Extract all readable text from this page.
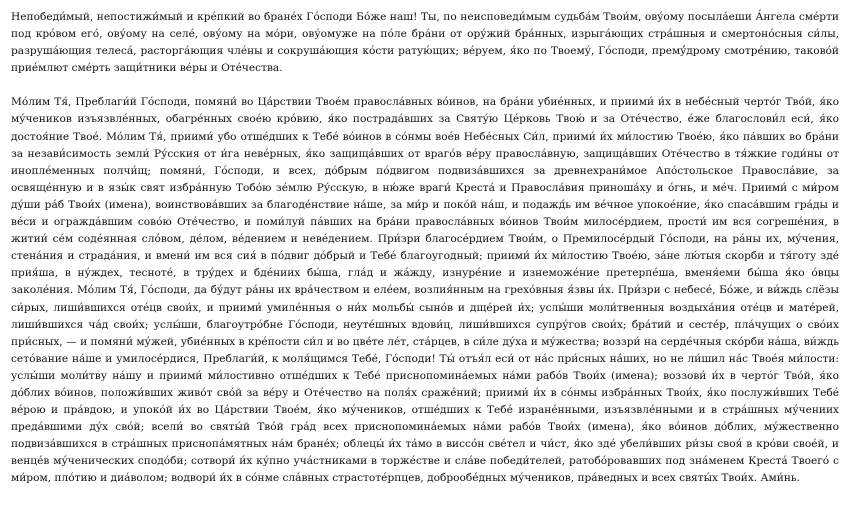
Непобеди́мый, непостижи́мый и кре́пкий во бране́х Го́споди Бо́же наш! Ты, по неисповеди́мым судьба́м Твои́м, ову́ому посыла́еши А́нгела сме́рти под кро́вом его́, ову́ому на селе́, ову́ому на мо́ри, ову́омуже на по́ле бра́ни от ору́жий бра́нных, изрыга́ющих стра́шныя и смертоно́сныя си́лы, разруша́ющия телеса́, расторга́ющия чле́ны и сокруша́ющия ко́сти ратую́щих; ве́руем, я́ко по Твоему́, Го́споди, премý́дрому смотре́нию, таково́й прие́млют сме́рть защи́тники ве́ры и Оте́чества.

Мо́лим Тя́, Преблаги́й Го́споди, помяни́ во Ца́рствии Твое́м правосла́вных во́инов, на бра́ни убие́нных, и приими́ и́х в небе́сный черто́г Тво́й, я́ко му́чеников изъязвле́нных, обагре́нных свое́ю кро́вию, я́ко пострада́вших за Святу́ю Це́рковь Твою́ и за Оте́чество, е́же благослови́л еси́, я́ко достоя́ние Твое́. Мо́лим Тя́, приими́ убо отше́дших к Тебе́ во́инов в со́нмы вое́в Небе́сных Си́л, приими́ и́х ми́лостию Твое́ю, я́ко па́вших во бра́ни за незави́симость земли́ Ру́сския от и́га невéрных, я́ко защища́вших от враго́в ве́ру правосла́вную, защища́вших Оте́чество в тя́жкие годи́ны от инопле́менных полчи́щ; помяни́, Го́споди, и всех, до́брым по́двигом подвиза́вшихся за древнехрани́мое Апо́стольское Правосла́вие, за освяще́нную и в язы́к свят избра́нную Тобо́ю зе́млю Ру́сскую, в ню́же враги́ Креста́ и Правосла́вия приноша́ху и о́гнь, и ме́ч. Приими́ с ми́ром ду́ши ра́б Твои́х (имена), воинствова́вших за благоде́нствие на́ше, за ми́р и поко́й на́ш, и подажд́ь им ве́чное упокое́ние, я́ко спаса́вшим гра́ды и ве́си и огражда́вшим сово́ю Оте́чество, и поми́луй па́вших на бра́ни правосла́вных во́инов Твои́м милосе́рдием, прости́ им вся согреше́ния, в житии́ се́м соде́янная сло́вом, де́лом, ве́дением и неве́дением. При́зри благосе́рдием Твои́м, о Премилосе́рдый Го́споди, на ра́ны их, му́чения, стена́ния и страда́ния, и вмени́ им вся сия́ в по́двиг до́брый и Тебе́ благоугодный; приими́ и́х ми́лостию Твое́ю, за́не лю́тыя скорби и тя́готу зде́ прия́ша, в ну́ждех, тесноте́, в тру́дех и бде́ниих бы́ша, гла́д и жа́жду, изнуре́ние и изнеможе́ние претерпе́ша, вменя́еми бы́ша я́ко о́вцы заколе́ния. Мо́лим Тя́, Го́споди, да бу́дут ра́ны их вра́чеством и еле́ем, возлия́нным на грехо́вныя я́звы и́х. При́зри с небесе́, Бо́же, и ви́ждь слёзы си́рых, лиши́вшихся оте́цв свои́х, и приими́ умиле́нныя о ни́х мольбы́ сыно́в и дще́рей и́х; услы́ши моли́твенныя воздыха́ния оте́цв и мате́рей, лиши́вшихся ча́д свои́х; услы́ши, благоутро́бне Го́споди, неуте́шных вдови́ц, лиши́вшихся супру́гов свои́х; бра́тий и сесте́р, пла́чущих о сво́их при́сных, — и помяни́ му́жей, убие́нных в кре́пости си́л и во цве́те ле́т, ста́рцев, в си́ле ду́ха и му́жества; воззри́ на серде́чныя ско́рби на́ша, ви́ждь сето́вание на́ше и умилосе́рдися, Преблаги́й, к моля́щимся Тебе́, Го́споди! Ты́ отъя́л еси́ от на́с при́сных на́ших, но не ли́шил на́с Твое́я ми́лости: услы́ши моли́тву на́шу и приими́ ми́лостивно отше́дших к Тебе́ приснопомина́емых на́ми рабо́в Твои́х (имена); воззови́ и́х в черто́г Тво́й, я́ко до́блих во́инов, положи́вших живо́т сво́й за ве́ру и Оте́чество на поля́х сраже́ний; приими́ и́х в со́нмы избра́нных Твои́х, я́ко послужи́вших Тебе́ ве́рою и пра́вдою, и упоко́й и́х во Ца́рствии Твое́м, я́ко му́чеников, отше́дших к Тебе́ изране́нными, изъязвле́нными и в стра́шных му́чениих преда́вшими ду́х сво́й; всели́ во святы́й Тво́й гра́д всех приснопомина́емых на́ми рабо́в Твои́х (имена), я́ко во́инов до́блих, му́жественно подвиза́вшихся в стра́шных приснопа́мятных на́м бране́х; облецы́ и́х та́мо в виссо́н све́тел и чи́ст, я́ко зде́ убели́вших ри́зы своя́ в кро́ви свое́й, и венце́в му́ченических сподо́би; сотвори́ и́х ку́пно уча́стниками в торже́стве и сла́ве победи́телей, ратобо́ровавших под зна́менем Креста́ Твоего́ с ми́ром, пло́тию и диа́волом; водвори́ и́х в со́нме сла́вных страстоте́рпцев, доброобе́дных му́чеников, пра́ведных и всех святы́х Твои́х. Ами́нь.
